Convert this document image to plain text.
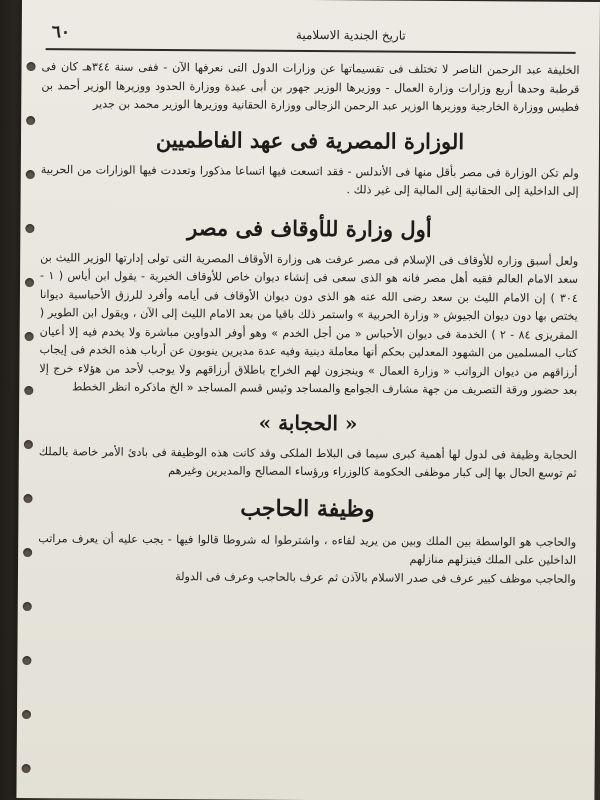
تاريخ الجندية الاسلامية
٦٠

الخليفة عبد الرحمن الناصر لا تختلف فى تقسيماتها عن وزارات الدول التى نعرفها الآن - ففى سنة ٣٤٤هـ كان فى قرطبة وحدها أربع وزارات وزارة العمال - ووزيرها الوزير جهور بن أبى عبدة ووزارة الحدود ووزيرها الوزير أحمد بن فطيس ووزارة الخارجية ووزيرها الوزير عبد الرحمن الزجالى ووزارة الحقانية ووزيرها الوزير محمد بن جدير

الوزارة المصرية فى عهد الفاطميين

ولم تكن الوزارة فى مصر بأقل منها فى الأندلس - فقد اتسعت فيها اتساعا مذكورا وتعددت فيها الوزارات من الحربية إلى الداخلية إلى الحقانية إلى المالية إلى غير ذلك .

أول وزارة للأوقاف فى مصر

ولعل أسبق وزاره للأوقاف فى الإسلام فى مصر عرفت هى وزارة الأوقاف المصرية التى تولى إدارتها الوزير الليث بن سعد الامام العالم فقيه أهل مصر فانه هو الذى سعى فى إنشاء ديوان خاص للأوقاف الخيرية - يقول ابن أياس ( ١ - ٣٠٤ ) إن الامام الليث بن سعد رضى الله عنه هو الذى دون ديوان الأوقاف فى أيامه وأفرد للرزق الأحباسية ديوانا يختص بها دون ديوان الجيوش « وزارة الحربية » واستمر ذلك باقيا من بعد الامام الليث إلى الآن ، ويقول ابن الطوير ( المقريزى ٨٤ - ٢ ) الخدمة فى ديوان الأحباس « من أجل الخدم » وهو أوفر الدواوين مباشرة ولا يخدم فيه إلا أعيان كتاب المسلمين من الشهود المعدلين بحكم أنها معاملة دينية وفيه عدة مديرين ينوبون عن أرباب هذه الخدم فى إيجاب أرزاقهم من ديوان الرواتب « وزارة العمال » وينجزون لهم الخراج باطلاق أرزاقهم ولا يوجب لأحد من هؤلاء خرج إلا بعد حضور ورقة التصريف من جهة مشارف الجوامع والمساجد وئيس قسم المساجد « الخ ماذكره انظر الخطط

« الحجابة »

الحجابة وظيفة فى لدول لها أهمية كبرى سيما فى البلاط الملكى وقد كانت هذه الوظيفة فى بادئ الأمر خاصة بالملك ثم توسع الحال بها إلى كبار موظفى الحكومة كالوزراء ورؤساء المصالح والمديرين وغيرهم

وظيفة الحاجب

والحاجب هو الواسطة بين الملك وبين من يريد لقاءه ، واشترطوا له شروطا قالوا فيها - يجب عليه أن يعرف مراتب الداخلين على الملك فينزلهم منازلهم

والحاجب موظف كبير عرف فى صدر الاسلام بالآذن ثم عرف بالحاجب وعرف فى الدولة
